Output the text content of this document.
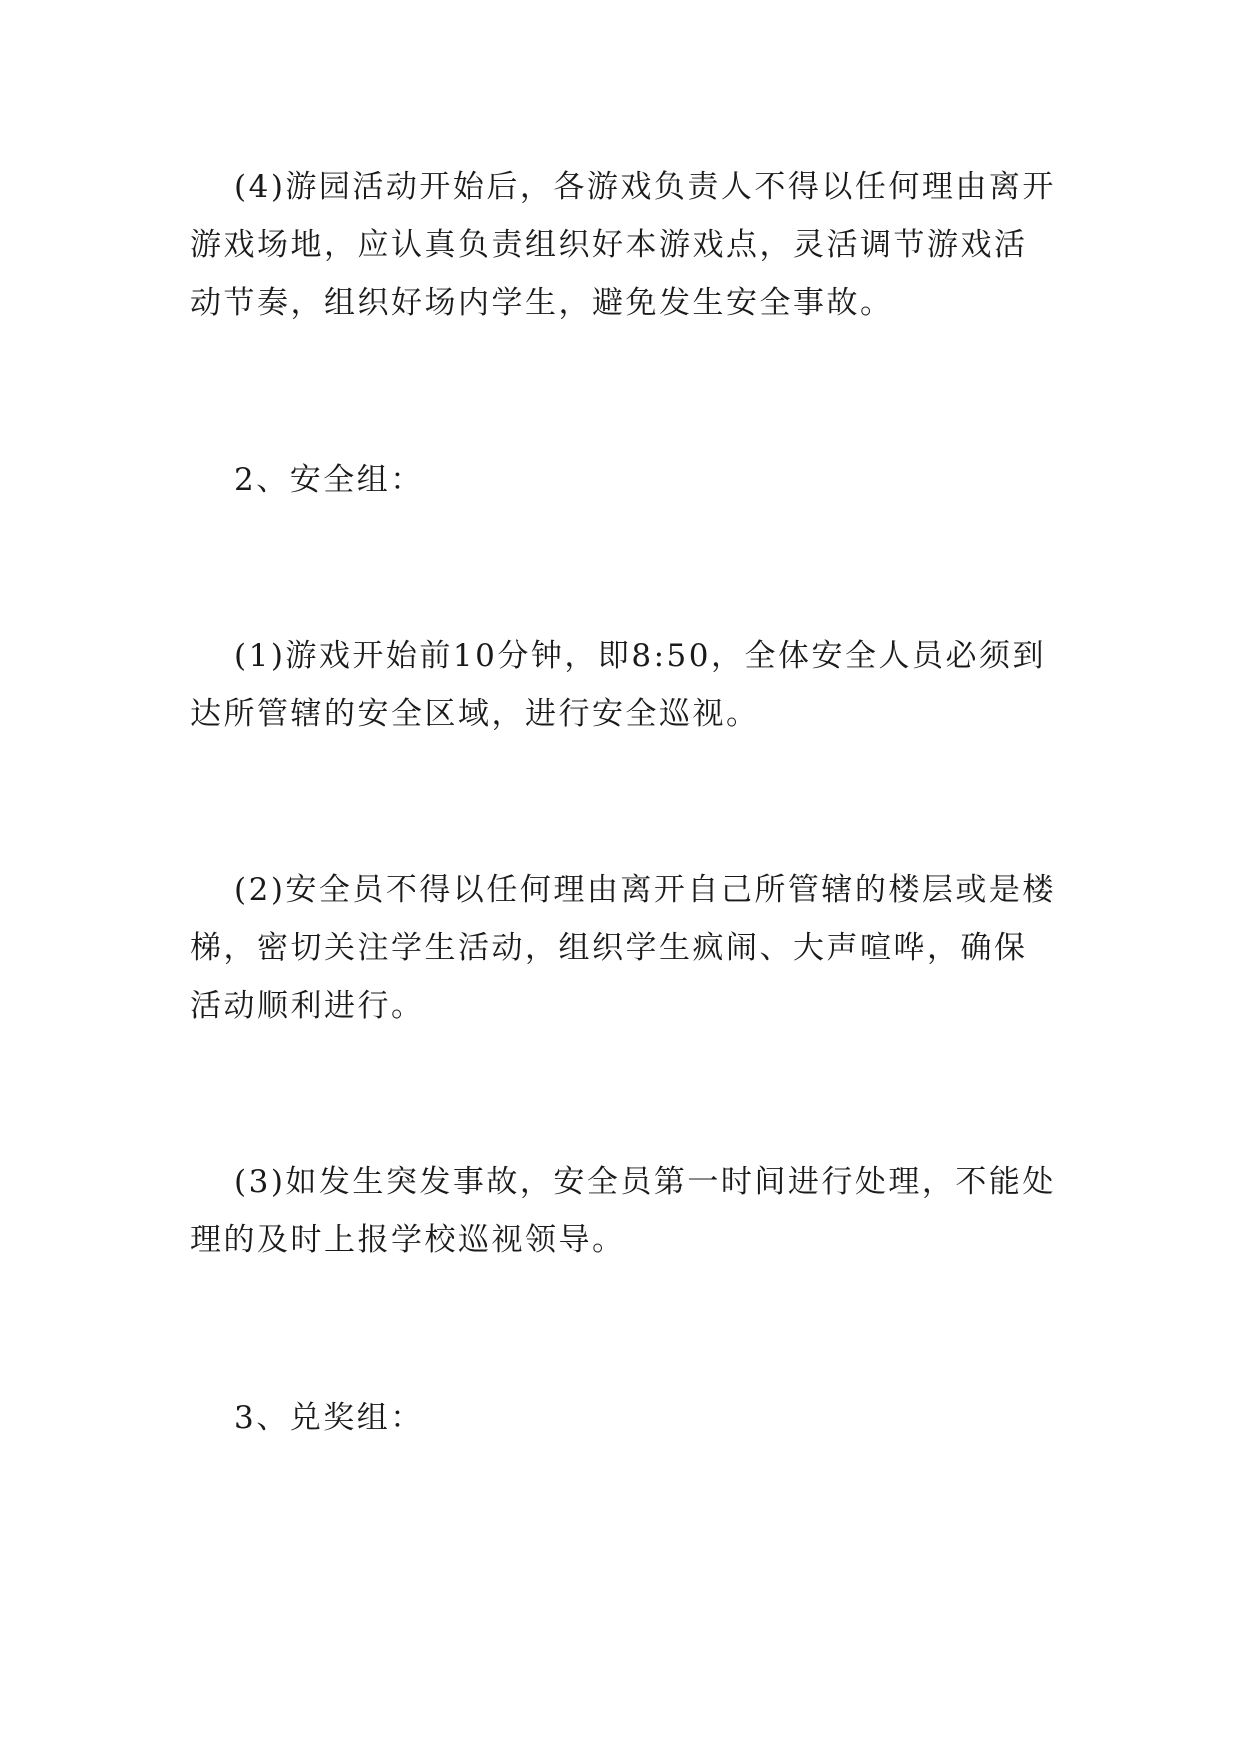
(4)游园活动开始后，各游戏负责人不得以任何理由离开游戏场地，应认真负责组织好本游戏点，灵活调节游戏活动节奏，组织好场内学生，避免发生安全事故。

2、安全组：

(1)游戏开始前10分钟，即8:50，全体安全人员必须到达所管辖的安全区域，进行安全巡视。

(2)安全员不得以任何理由离开自己所管辖的楼层或是楼梯，密切关注学生活动，组织学生疯闹、大声喧哗，确保活动顺利进行。

(3)如发生突发事故，安全员第一时间进行处理，不能处理的及时上报学校巡视领导。

3、兑奖组：
